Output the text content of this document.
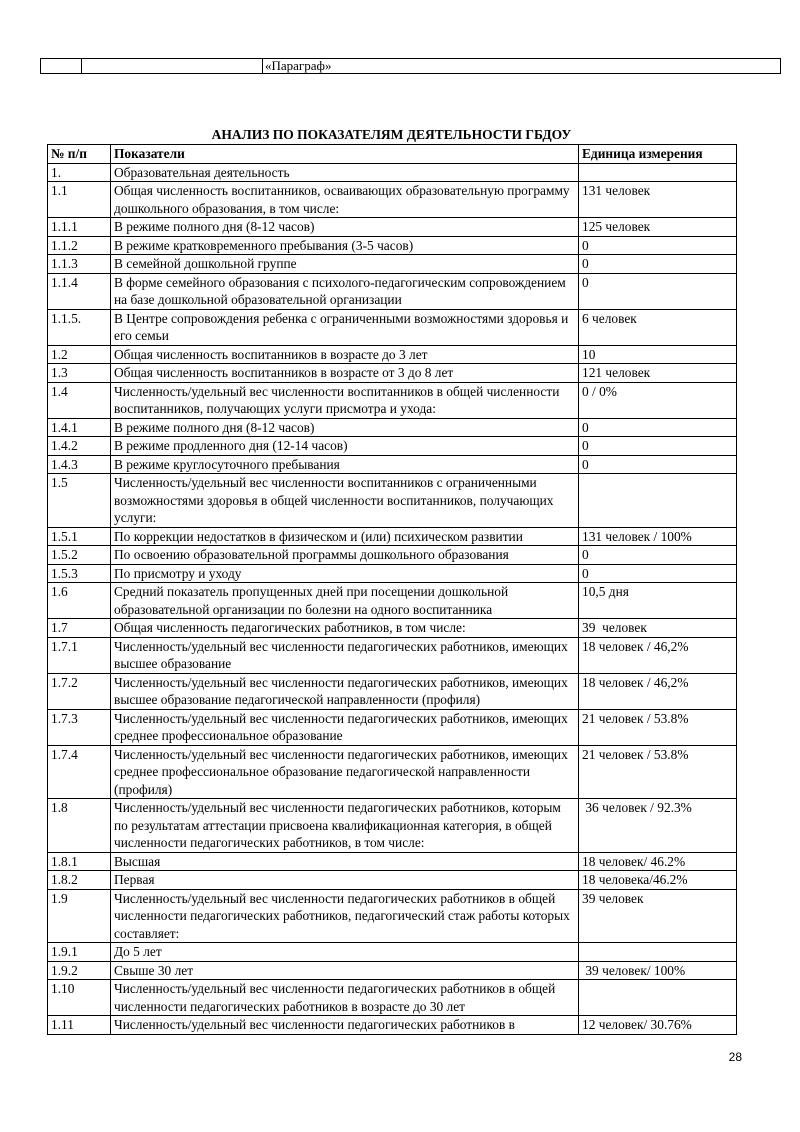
		«Параграф»
АНАЛИЗ ПО ПОКАЗАТЕЛЯМ ДЕЯТЕЛЬНОСТИ ГБДОУ
№ п/п	Показатели	Единица измерения
1.	Образовательная деятельность	
1.1	Общая численность воспитанников, осваивающих образовательную программу дошкольного образования, в том числе:	131 человек
1.1.1	В режиме полного дня (8-12 часов)	125 человек
1.1.2	В режиме кратковременного пребывания (3-5 часов)	0
1.1.3	В семейной дошкольной группе	0
1.1.4	В форме семейного образования с психолого-педагогическим сопровождением на базе дошкольной образовательной организации	0
1.1.5.	В Центре сопровождения ребенка с ограниченными возможностями здоровья и его семьи	6 человек
1.2	Общая численность воспитанников в возрасте до 3 лет	10
1.3	Общая численность воспитанников в возрасте от 3 до 8 лет	121 человек
1.4	Численность/удельный вес численности воспитанников в общей численности воспитанников, получающих услуги присмотра и ухода:	0 / 0%
1.4.1	В режиме полного дня (8-12 часов)	0
1.4.2	В режиме продленного дня (12-14 часов)	0
1.4.3	В режиме круглосуточного пребывания	0
1.5	Численность/удельный вес численности воспитанников с ограниченными возможностями здоровья в общей численности воспитанников, получающих услуги:	
1.5.1	По коррекции недостатков в физическом и (или) психическом развитии	131 человек / 100%
1.5.2	По освоению образовательной программы дошкольного образования	0
1.5.3	По присмотру и уходу	0
1.6	Средний показатель пропущенных дней при посещении дошкольной образовательной организации по болезни на одного воспитанника	10,5 дня
1.7	Общая численность педагогических работников, в том числе:	39  человек
1.7.1	Численность/удельный вес численности педагогических работников, имеющих высшее образование	18 человек / 46,2%
1.7.2	Численность/удельный вес численности педагогических работников, имеющих высшее образование педагогической направленности (профиля)	18 человек / 46,2%
1.7.3	Численность/удельный вес численности педагогических работников, имеющих среднее профессиональное образование	21 человек / 53.8%
1.7.4	Численность/удельный вес численности педагогических работников, имеющих среднее профессиональное образование педагогической направленности (профиля)	21 человек / 53.8%
1.8	Численность/удельный вес численности педагогических работников, которым по результатам аттестации присвоена квалификационная категория, в общей численности педагогических работников, в том числе:	36 человек / 92.3%
1.8.1	Высшая	18 человек/ 46.2%
1.8.2	Первая	18 человека/46.2%
1.9	Численность/удельный вес численности педагогических работников в общей численности педагогических работников, педагогический стаж работы которых составляет:	39 человек
1.9.1	До 5 лет	
1.9.2	Свыше 30 лет	39 человек/ 100%
1.10	Численность/удельный вес численности педагогических работников в общей численности педагогических работников в возрасте до 30 лет	
1.11	Численность/удельный вес численности педагогических работников в	12 человек/ 30.76%
28
